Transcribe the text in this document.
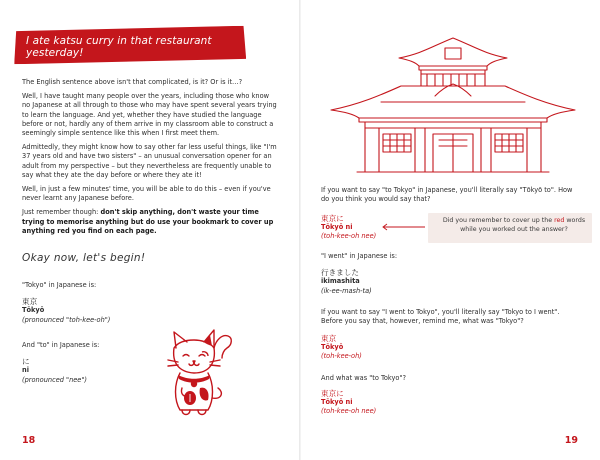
I ate katsu curry in that restaurant yesterday!

The English sentence above isn't that complicated, is it? Or is it…?

Well, I have taught many people over the years, including those who know no Japanese at all through to those who may have spent several years trying to learn the language. And yet, whether they have studied the language before or not, hardly any of them arrive in my classroom able to construct a seemingly simple sentence like this when I first meet them.

Admittedly, they might know how to say other far less useful things, like "I'm 37 years old and have two sisters" – an unusual conversation opener for an adult from my perspective – but they nevertheless are frequently unable to say what they ate the day before or where they ate it!

Well, in just a few minutes' time, you will be able to do this – even if you've never learnt any Japanese before.

Just remember though: don't skip anything, don't waste your time trying to memorise anything but do use your bookmark to cover up anything red you find on each page.

Okay now, let's begin!
"Tokyo" in Japanese is:
東京
Tōkyō
(pronounced "toh-kee-oh")
And "to" in Japanese is:
に
ni
(pronounced "nee")
18
If you want to say "to Tokyo" in Japanese, you'll literally say "Tōkyō to". How do you think you would say that?
東京に
Tōkyō ni
(toh-kee-oh nee)
Did you remember to cover up the red words while you worked out the answer?
"I went" in Japanese is:
行きました
ikimashita
(ik-ee-mash-ta)
If you want to say "I went to Tokyo", you'll literally say "Tokyo to I went". Before you say that, however, remind me, what was "Tokyo"?
東京
Tōkyō
(toh-kee-oh)
And what was "to Tokyo"?
東京に
Tōkyō ni
(toh-kee-oh nee)
19
